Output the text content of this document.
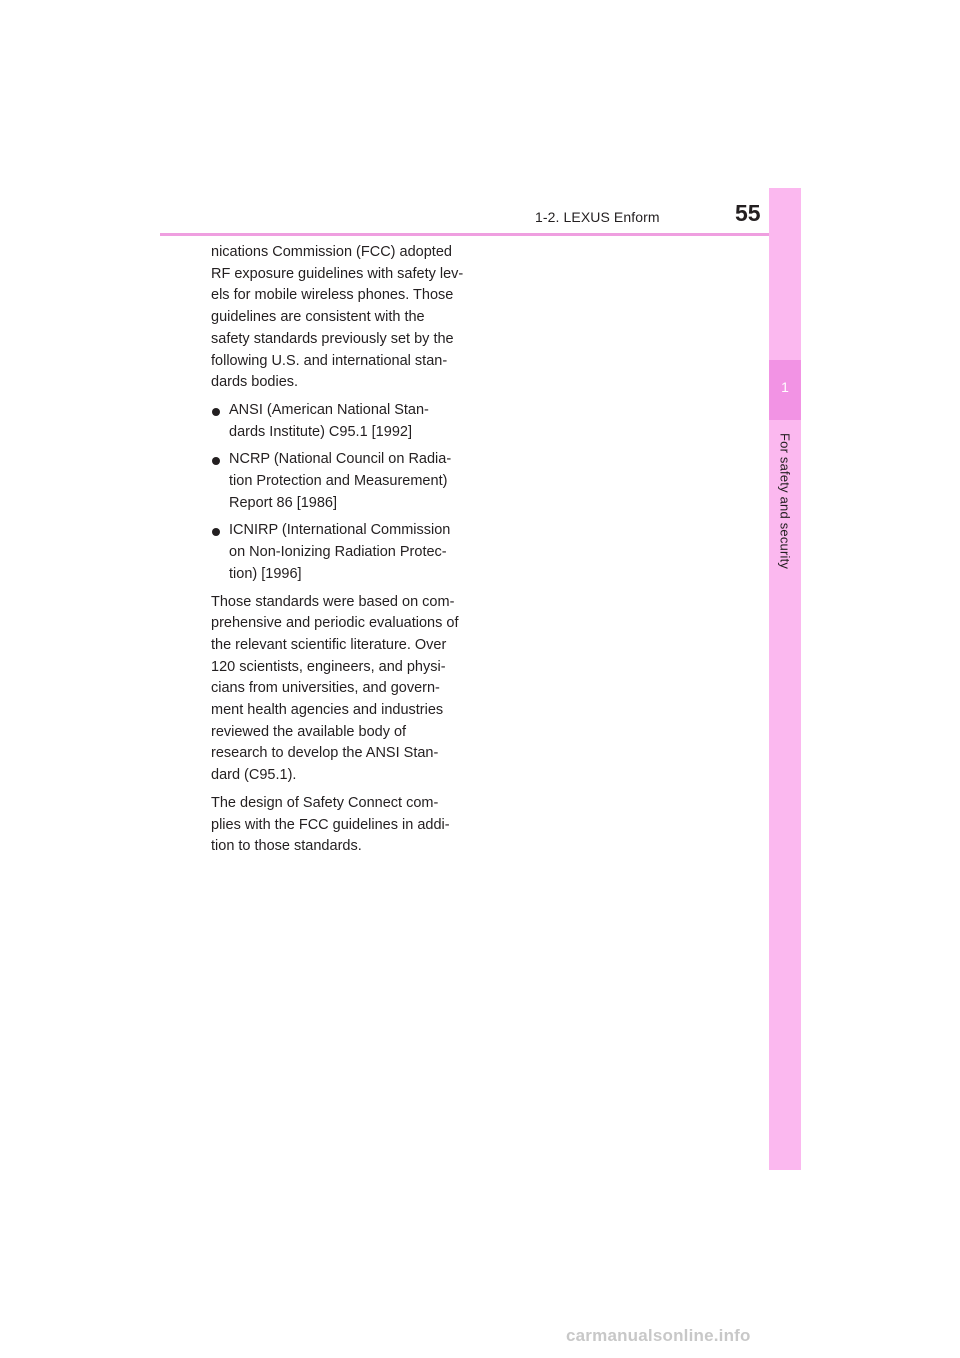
1
For safety and security
1-2. LEXUS Enform	55

nications Commission (FCC) adopted
RF exposure guidelines with safety lev-
els for mobile wireless phones. Those
guidelines are consistent with the
safety standards previously set by the
following U.S. and international stan-
dards bodies.

ANSI (American National Stan-
dards Institute) C95.1 [1992]
NCRP (National Council on Radia-
tion Protection and Measurement)
Report 86 [1986]
ICNIRP (International Commission
on Non-Ionizing Radiation Protec-
tion) [1996]

Those standards were based on com-
prehensive and periodic evaluations of
the relevant scientific literature. Over
120 scientists, engineers, and physi-
cians from universities, and govern-
ment health agencies and industries
reviewed the available body of
research to develop the ANSI Stan-
dard (C95.1).

The design of Safety Connect com-
plies with the FCC guidelines in addi-
tion to those standards.

carmanualsonline.info
